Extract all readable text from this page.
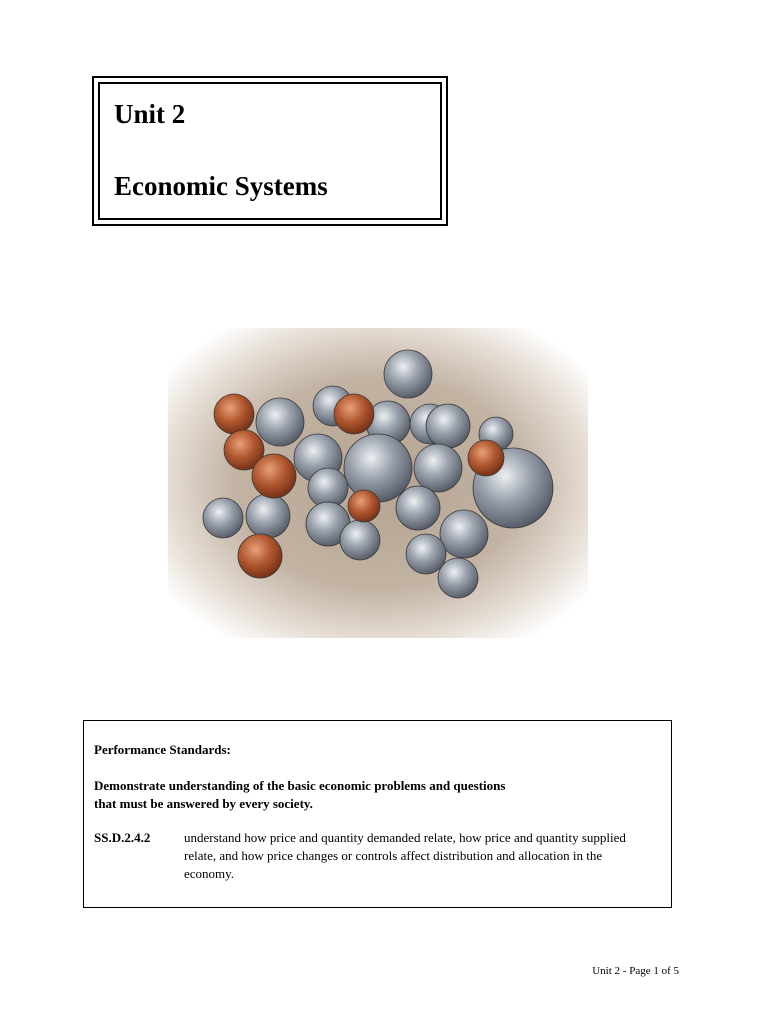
Unit 2
Economic Systems
Performance Standards:
Demonstrate understanding of the basic economic problems and questions that must be answered by every society.
SS.D.2.4.2	understand how price and quantity demanded relate, how price and quantity supplied relate, and how price changes or controls affect distribution and allocation in the economy.
Unit 2 - Page 1 of 5
